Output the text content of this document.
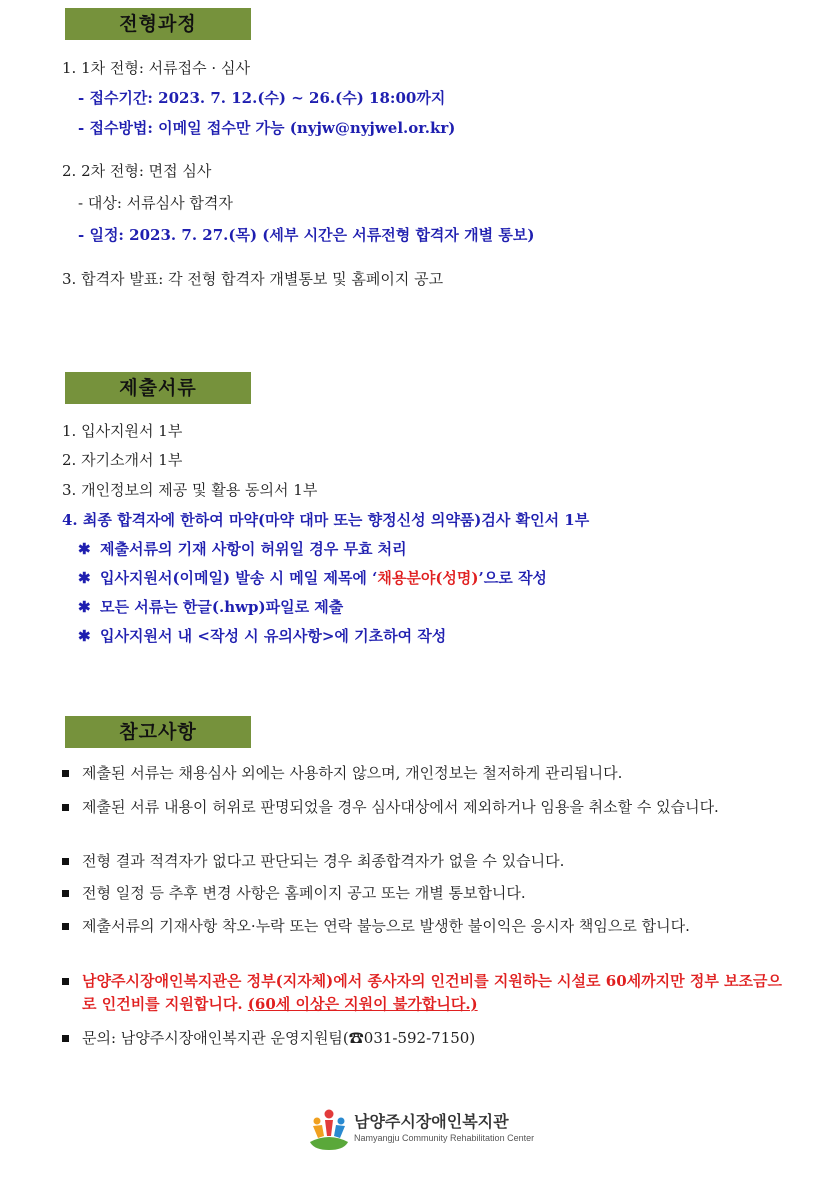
전형과정
1. 1차 전형: 서류접수 · 심사
- 접수기간: 2023. 7. 12.(수) ~ 26.(수) 18:00까지
- 접수방법: 이메일 접수만 가능 (nyjw@nyjwel.or.kr)
2. 2차 전형: 면접 심사
- 대상: 서류심사 합격자
- 일정: 2023. 7. 27.(목) (세부 시간은 서류전형 합격자 개별 통보)
3. 합격자 발표: 각 전형 합격자 개별통보 및 홈페이지 공고
제출서류
1. 입사지원서 1부
2. 자기소개서 1부
3. 개인정보의 제공 및 활용 동의서 1부
4. 최종 합격자에 한하여 마약(마약 대마 또는 향정신성 의약품)검사 확인서 1부
✱ 제출서류의 기재 사항이 허위일 경우 무효 처리
✱ 입사지원서(이메일) 발송 시 메일 제목에 ‘채용분야(성명)’으로 작성
✱ 모든 서류는 한글(.hwp)파일로 제출
✱ 입사지원서 내 <작성 시 유의사항>에 기초하여 작성
참고사항
제출된 서류는 채용심사 외에는 사용하지 않으며, 개인정보는 철저하게 관리됩니다.
제출된 서류 내용이 허위로 판명되었을 경우 심사대상에서 제외하거나 임용을 취소할 수 있습니다.
전형 결과 적격자가 없다고 판단되는 경우 최종합격자가 없을 수 있습니다.
전형 일정 등 추후 변경 사항은 홈페이지 공고 또는 개별 통보합니다.
제출서류의 기재사항 착오·누락 또는 연락 불능으로 발생한 불이익은 응시자 책임으로 합니다.
남양주시장애인복지관은 정부(지자체)에서 종사자의 인건비를 지원하는 시설로 60세까지만 정부 보조금으로 인건비를 지원합니다. (60세 이상은 지원이 불가합니다.)
문의: 남양주시장애인복지관 운영지원팀(☎031-592-7150)
남양주시장애인복지관
Namyangju Community Rehabilitation Center
